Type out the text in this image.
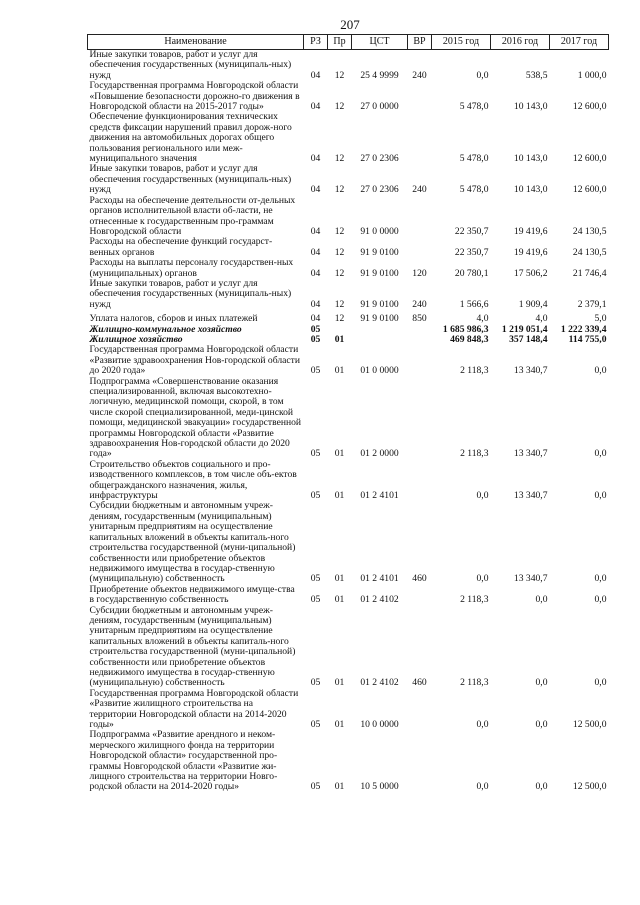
207
Наименование	РЗ	Пр	ЦСТ	ВР	2015 год	2016 год	2017 год
Иные закупки товаров, работ и услуг для обеспечения государственных (муниципаль-ных) нужд	04	12	25 4 9999	240	0,0	538,5	1 000,0
Государственная программа Новгородской области «Повышение безопасности дорожно-го движения в Новгородской области на 2015-2017 годы»	04	12	27 0 0000		5 478,0	10 143,0	12 600,0
Обеспечение функционирования технических средств фиксации нарушений правил дорож-ного движения на автомобильных дорогах общего пользования регионального или меж-муниципального значения	04	12	27 0 2306		5 478,0	10 143,0	12 600,0
Иные закупки товаров, работ и услуг для обеспечения государственных (муниципаль-ных) нужд	04	12	27 0 2306	240	5 478,0	10 143,0	12 600,0
Расходы на обеспечение деятельности от-дельных органов исполнительной власти об-ласти, не отнесенные к государственным про-граммам Новгородской области	04	12	91 0 0000		22 350,7	19 419,6	24 130,5
Расходы на обеспечение функций государст-венных органов	04	12	91 9 0100		22 350,7	19 419,6	24 130,5
Расходы на выплаты персоналу государствен-ных (муниципальных) органов	04	12	91 9 0100	120	20 780,1	17 506,2	21 746,4
Иные закупки товаров, работ и услуг для обеспечения государственных (муниципаль-ных) нужд	04	12	91 9 0100	240	1 566,6	1 909,4	2 379,1
Уплата налогов, сборов и иных платежей	04	12	91 9 0100	850	4,0	4,0	5,0
Жилищно-коммунальное хозяйство	05				1 685 986,3	1 219 051,4	1 222 339,4
Жилищное хозяйство	05	01			469 848,3	357 148,4	114 755,0
Государственная программа Новгородской области «Развитие здравоохранения Нов-городской области до 2020 года»	05	01	01 0 0000		2 118,3	13 340,7	0,0
Подпрограмма «Совершенствование оказания специализированной, включая высокотехно-логичную, медицинской помощи, скорой, в том числе скорой специализированной, меди-цинской помощи, медицинской эвакуации» государственной программы Новгородской области «Развитие здравоохранения Нов-городской области до 2020 года»	05	01	01 2 0000		2 118,3	13 340,7	0,0
Строительство объектов социального и про-изводственного комплексов, в том числе объ-ектов общегражданского назначения, жилья, инфраструктуры	05	01	01 2 4101		0,0	13 340,7	0,0
Субсидии бюджетным и автономным учреж-дениям, государственным (муниципальным) унитарным предприятиям на осуществление капитальных вложений в объекты капиталь-ного строительства государственной (муни-ципальной) собственности или приобретение объектов недвижимого имущества в государ-ственную (муниципальную) собственность	05	01	01 2 4101	460	0,0	13 340,7	0,0
Приобретение объектов недвижимого имуще-ства в государственную собственность	05	01	01 2 4102		2 118,3	0,0	0,0
Субсидии бюджетным и автономным учреж-дениям, государственным (муниципальным) унитарным предприятиям на осуществление капитальных вложений в объекты капиталь-ного строительства государственной (муни-ципальной) собственности или приобретение объектов недвижимого имущества в государ-ственную (муниципальную) собственность	05	01	01 2 4102	460	2 118,3	0,0	0,0
Государственная программа Новгородской области «Развитие жилищного строительства на территории Новгородской области на 2014-2020 годы»	05	01	10 0 0000		0,0	0,0	12 500,0
Подпрограмма «Развитие арендного и неком-мерческого жилищного фонда на территории Новгородской области» государственной про-граммы Новгородской области «Развитие жи-лищного строительства на территории Новго-родской области на 2014-2020 годы»	05	01	10 5 0000		0,0	0,0	12 500,0
